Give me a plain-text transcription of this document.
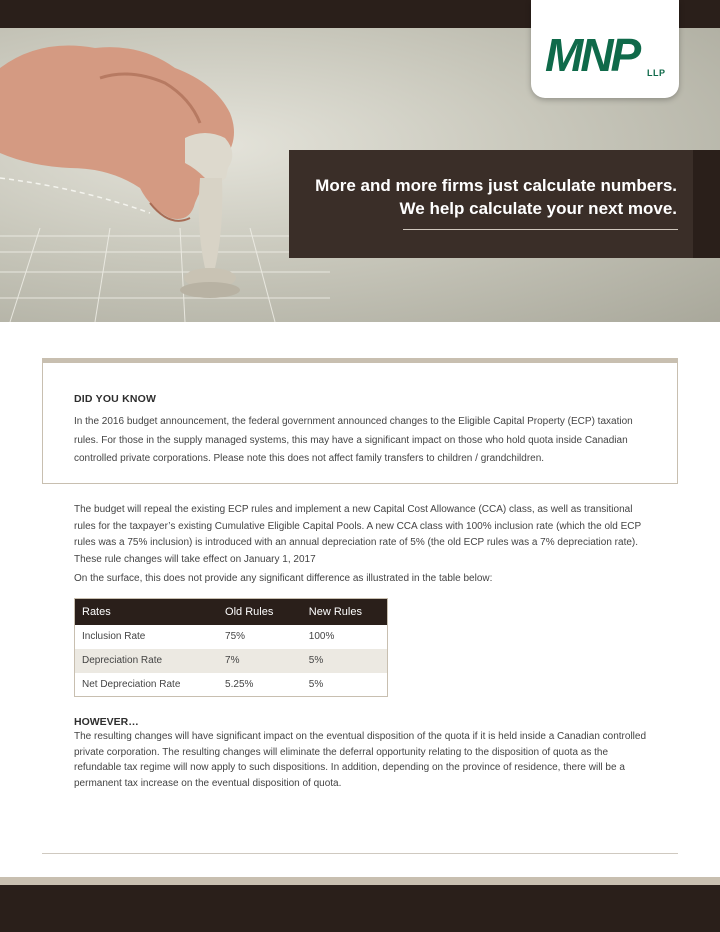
MNP LLP
More and more firms just calculate numbers.
We help calculate your next move.
DID YOU KNOW
In the 2016 budget announcement, the federal government announced changes to the Eligible Capital Property (ECP) taxation rules. For those in the supply managed systems, this may have a significant impact on those who hold quota inside Canadian controlled private corporations. Please note this does not affect family transfers to children / grandchildren.

The budget will repeal the existing ECP rules and implement a new Capital Cost Allowance (CCA) class, as well as transitional rules for the taxpayer’s existing Cumulative Eligible Capital Pools. A new CCA class with 100% inclusion rate (which the old ECP rules was a 75% inclusion) is introduced with an annual depreciation rate of 5% (the old ECP rules was a 7% depreciation rate). These rule changes will take effect on January 1, 2017

On the surface, this does not provide any significant difference as illustrated in the table below:

Rates	Old Rules	New Rules
Inclusion Rate	75%	100%
Depreciation Rate	7%	5%
Net Depreciation Rate	5.25%	5%
HOWEVER…

The resulting changes will have significant impact on the eventual disposition of the quota if it is held inside a Canadian controlled private corporation. The resulting changes will eliminate the deferral opportunity relating to the disposition of quota as the refundable tax regime will now apply to such dispositions. In addition, depending on the province of residence, there will be a permanent tax increase on the eventual disposition of quota.
